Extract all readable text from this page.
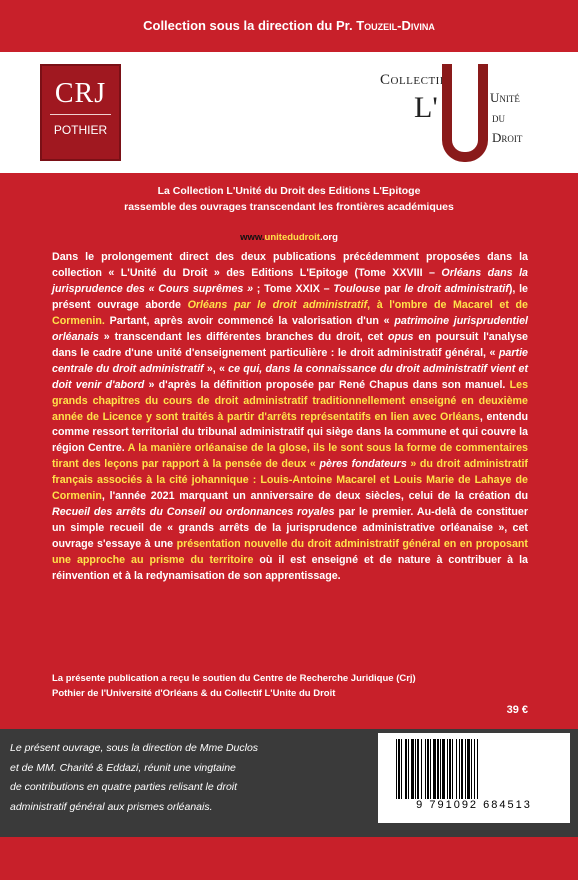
Collection sous la direction du Pr. Touzeil-Divina
CRJ
POTHIER
Collectif
L'	Unité
du
Droit
La Collection L'Unité du Droit des Editions L'Epitoge
rassemble des ouvrages transcendant les frontières académiques
www.unitedudroit.org
Dans le prolongement direct des deux publications précédemment proposées dans la collection « L'Unité du Droit » des Editions L'Epitoge (Tome XXVIII – Orléans dans la jurisprudence des « Cours suprêmes » ; Tome XXIX – Toulouse par le droit administratif), le présent ouvrage aborde Orléans par le droit administratif, à l'ombre de Macarel et de Cormenin. Partant, après avoir commencé la valorisation d'un « patrimoine jurisprudentiel orléanais » transcendant les différentes branches du droit, cet opus en poursuit l'analyse dans le cadre d'une unité d'enseignement particulière : le droit administratif général, « partie centrale du droit administratif », « ce qui, dans la connaissance du droit administratif vient et doit venir d'abord » d'après la définition proposée par René Chapus dans son manuel. Les grands chapitres du cours de droit administratif traditionnellement enseigné en deuxième année de Licence y sont traités à partir d'arrêts représentatifs en lien avec Orléans, entendu comme ressort territorial du tribunal administratif qui siège dans la commune et qui couvre la région Centre. A la manière orléanaise de la glose, ils le sont sous la forme de commentaires tirant des leçons par rapport à la pensée de deux « pères fondateurs » du droit administratif français associés à la cité johannique : Louis-Antoine Macarel et Louis Marie de Lahaye de Cormenin, l'année 2021 marquant un anniversaire de deux siècles, celui de la création du Recueil des arrêts du Conseil ou ordonnances royales par le premier. Au-delà de constituer un simple recueil de « grands arrêts de la jurisprudence administrative orléanaise », cet ouvrage s'essaye à une présentation nouvelle du droit administratif général en en proposant une approche au prisme du territoire où il est enseigné et de nature à contribuer à la réinvention et à la redynamisation de son apprentissage.
La présente publication a reçu le soutien du Centre de Recherche Juridique (Crj)
Pothier de l'Université d'Orléans & du Collectif L'Unite du Droit
39 €
Le présent ouvrage, sous la direction de Mme Duclos
et de MM. Charité & Eddazi, réunit une vingtaine
de contributions en quatre parties relisant le droit
administratif général aux prismes orléanais.	9 791092 684513
